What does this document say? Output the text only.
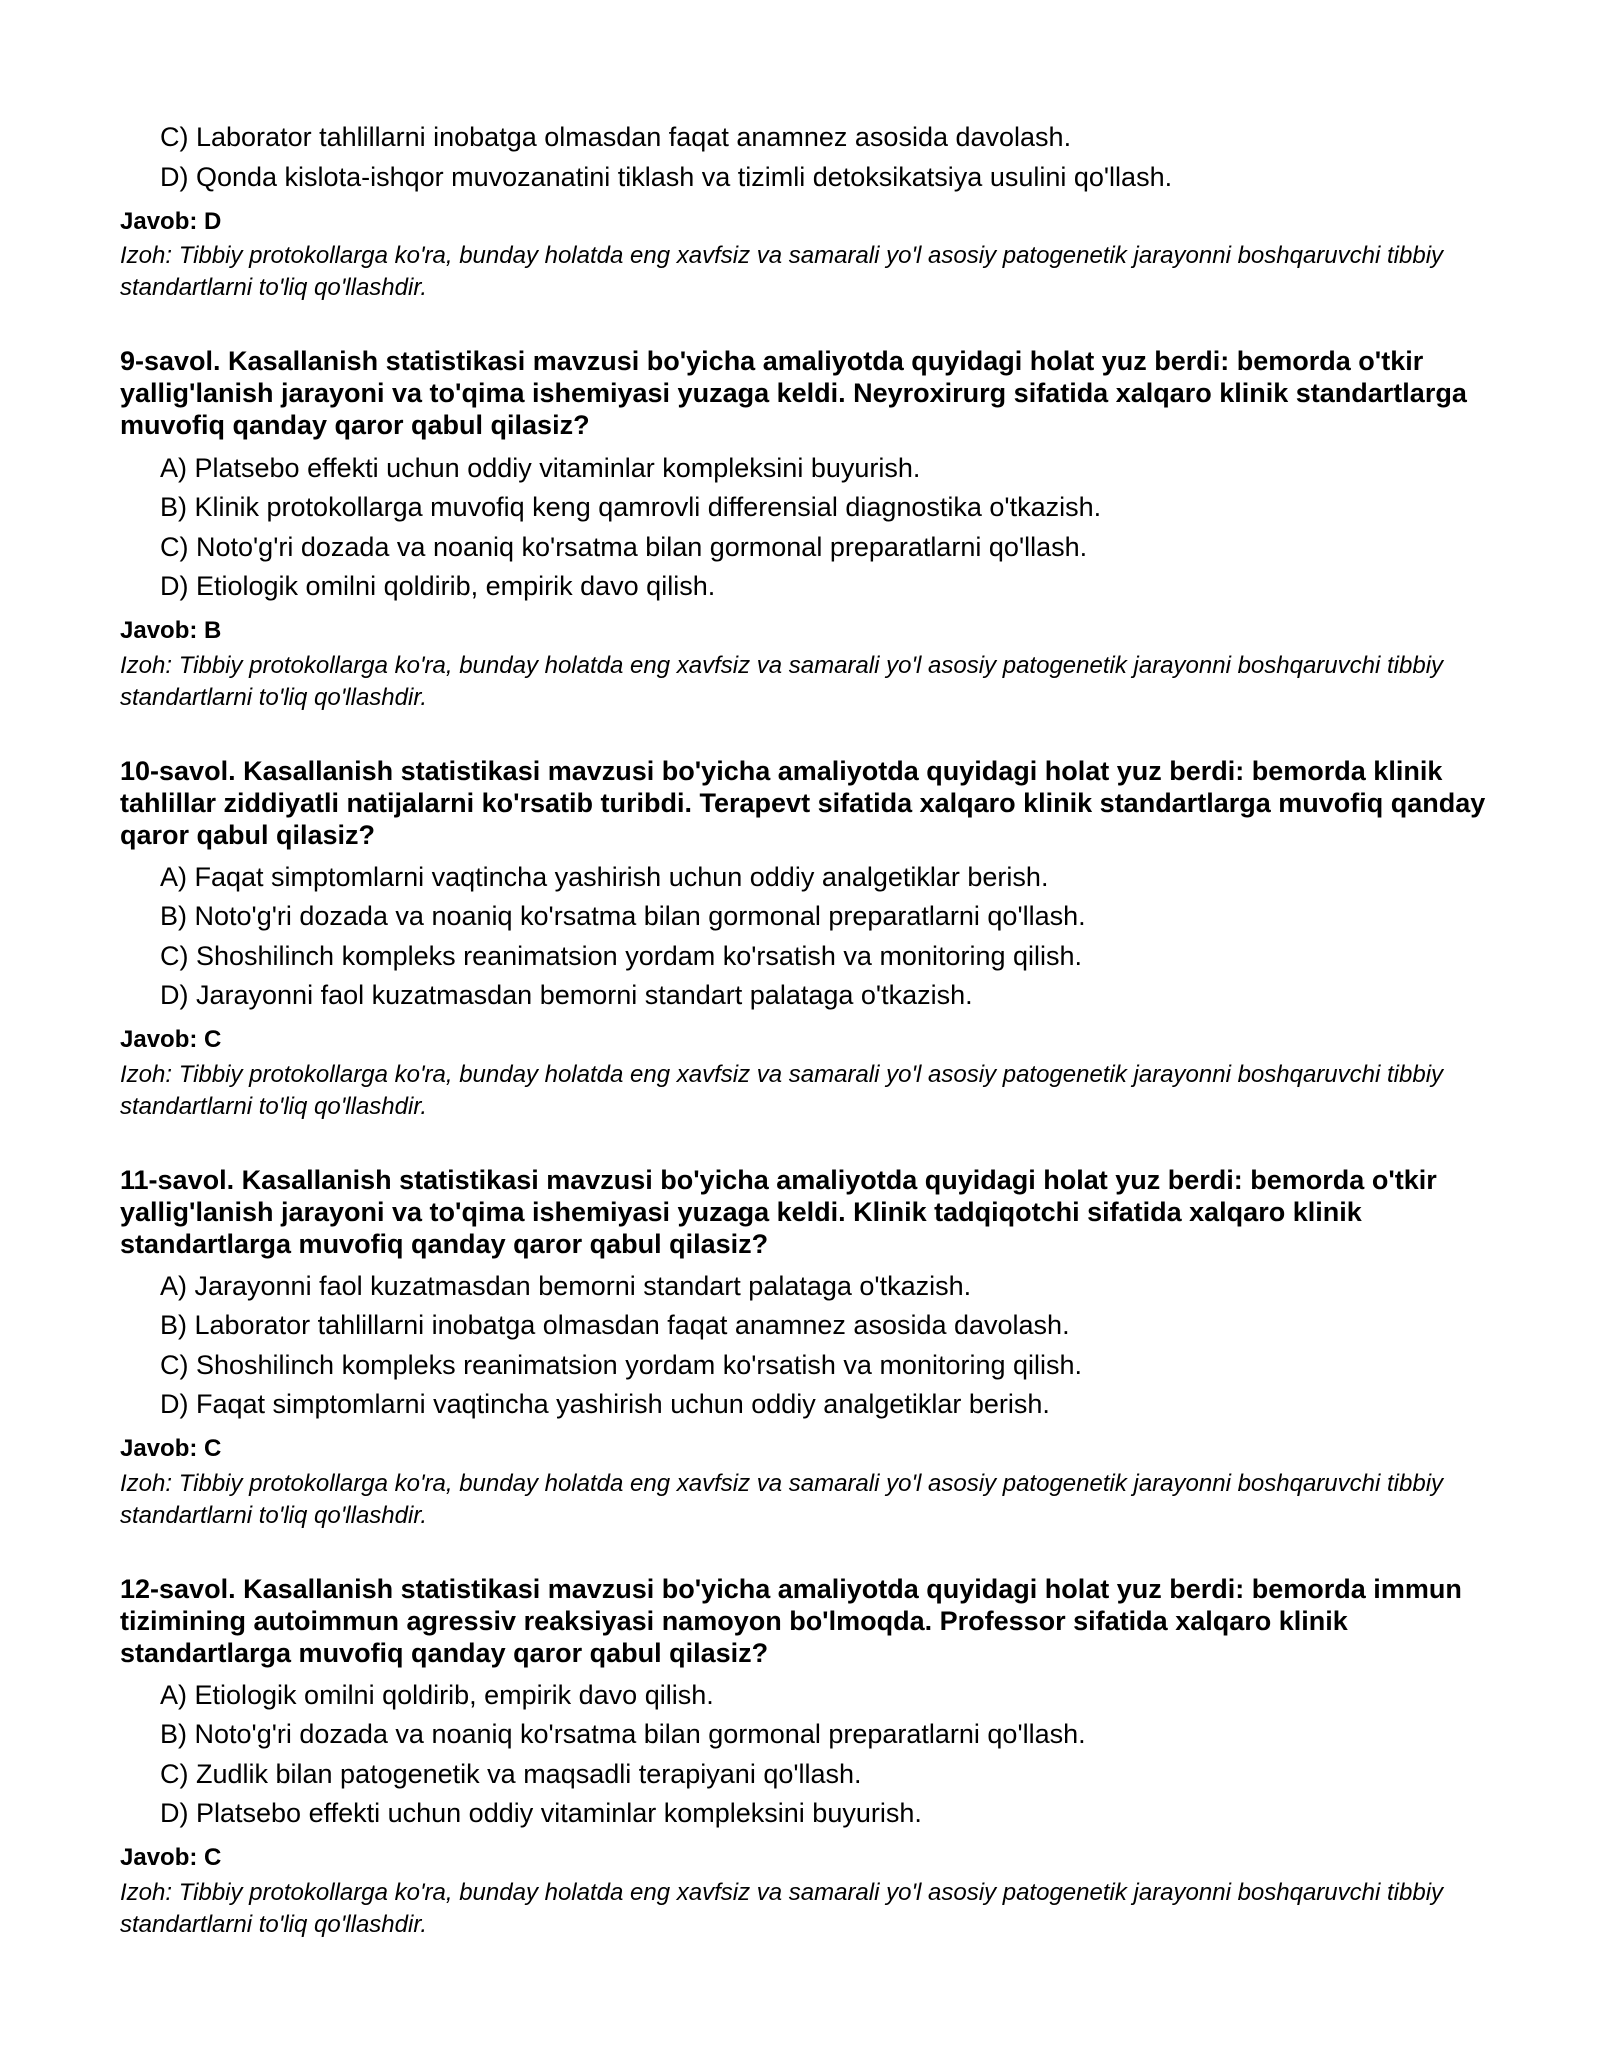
C) Laborator tahlillarni inobatga olmasdan faqat anamnez asosida davolash.
D) Qonda kislota-ishqor muvozanatini tiklash va tizimli detoksikatsiya usulini qo'llash.
Javob: D
Izoh: Tibbiy protokollarga ko'ra, bunday holatda eng xavfsiz va samarali yo'l asosiy patogenetik jarayonni boshqaruvchi tibbiy standartlarni to'liq qo'llashdir.
9-savol. Kasallanish statistikasi mavzusi bo'yicha amaliyotda quyidagi holat yuz berdi: bemorda o'tkir yallig'lanish jarayoni va to'qima ishemiyasi yuzaga keldi. Neyroxirurg sifatida xalqaro klinik standartlarga muvofiq qanday qaror qabul qilasiz?
A) Platsebo effekti uchun oddiy vitaminlar kompleksini buyurish.
B) Klinik protokollarga muvofiq keng qamrovli differensial diagnostika o'tkazish.
C) Noto'g'ri dozada va noaniq ko'rsatma bilan gormonal preparatlarni qo'llash.
D) Etiologik omilni qoldirib, empirik davo qilish.
Javob: B
Izoh: Tibbiy protokollarga ko'ra, bunday holatda eng xavfsiz va samarali yo'l asosiy patogenetik jarayonni boshqaruvchi tibbiy standartlarni to'liq qo'llashdir.
10-savol. Kasallanish statistikasi mavzusi bo'yicha amaliyotda quyidagi holat yuz berdi: bemorda klinik tahlillar ziddiyatli natijalarni ko'rsatib turibdi. Terapevt sifatida xalqaro klinik standartlarga muvofiq qanday qaror qabul qilasiz?
A) Faqat simptomlarni vaqtincha yashirish uchun oddiy analgetiklar berish.
B) Noto'g'ri dozada va noaniq ko'rsatma bilan gormonal preparatlarni qo'llash.
C) Shoshilinch kompleks reanimatsion yordam ko'rsatish va monitoring qilish.
D) Jarayonni faol kuzatmasdan bemorni standart palataga o'tkazish.
Javob: C
Izoh: Tibbiy protokollarga ko'ra, bunday holatda eng xavfsiz va samarali yo'l asosiy patogenetik jarayonni boshqaruvchi tibbiy standartlarni to'liq qo'llashdir.
11-savol. Kasallanish statistikasi mavzusi bo'yicha amaliyotda quyidagi holat yuz berdi: bemorda o'tkir yallig'lanish jarayoni va to'qima ishemiyasi yuzaga keldi. Klinik tadqiqotchi sifatida xalqaro klinik standartlarga muvofiq qanday qaror qabul qilasiz?
A) Jarayonni faol kuzatmasdan bemorni standart palataga o'tkazish.
B) Laborator tahlillarni inobatga olmasdan faqat anamnez asosida davolash.
C) Shoshilinch kompleks reanimatsion yordam ko'rsatish va monitoring qilish.
D) Faqat simptomlarni vaqtincha yashirish uchun oddiy analgetiklar berish.
Javob: C
Izoh: Tibbiy protokollarga ko'ra, bunday holatda eng xavfsiz va samarali yo'l asosiy patogenetik jarayonni boshqaruvchi tibbiy standartlarni to'liq qo'llashdir.
12-savol. Kasallanish statistikasi mavzusi bo'yicha amaliyotda quyidagi holat yuz berdi: bemorda immun tizimining autoimmun agressiv reaksiyasi namoyon bo'lmoqda. Professor sifatida xalqaro klinik standartlarga muvofiq qanday qaror qabul qilasiz?
A) Etiologik omilni qoldirib, empirik davo qilish.
B) Noto'g'ri dozada va noaniq ko'rsatma bilan gormonal preparatlarni qo'llash.
C) Zudlik bilan patogenetik va maqsadli terapiyani qo'llash.
D) Platsebo effekti uchun oddiy vitaminlar kompleksini buyurish.
Javob: C
Izoh: Tibbiy protokollarga ko'ra, bunday holatda eng xavfsiz va samarali yo'l asosiy patogenetik jarayonni boshqaruvchi tibbiy standartlarni to'liq qo'llashdir.
